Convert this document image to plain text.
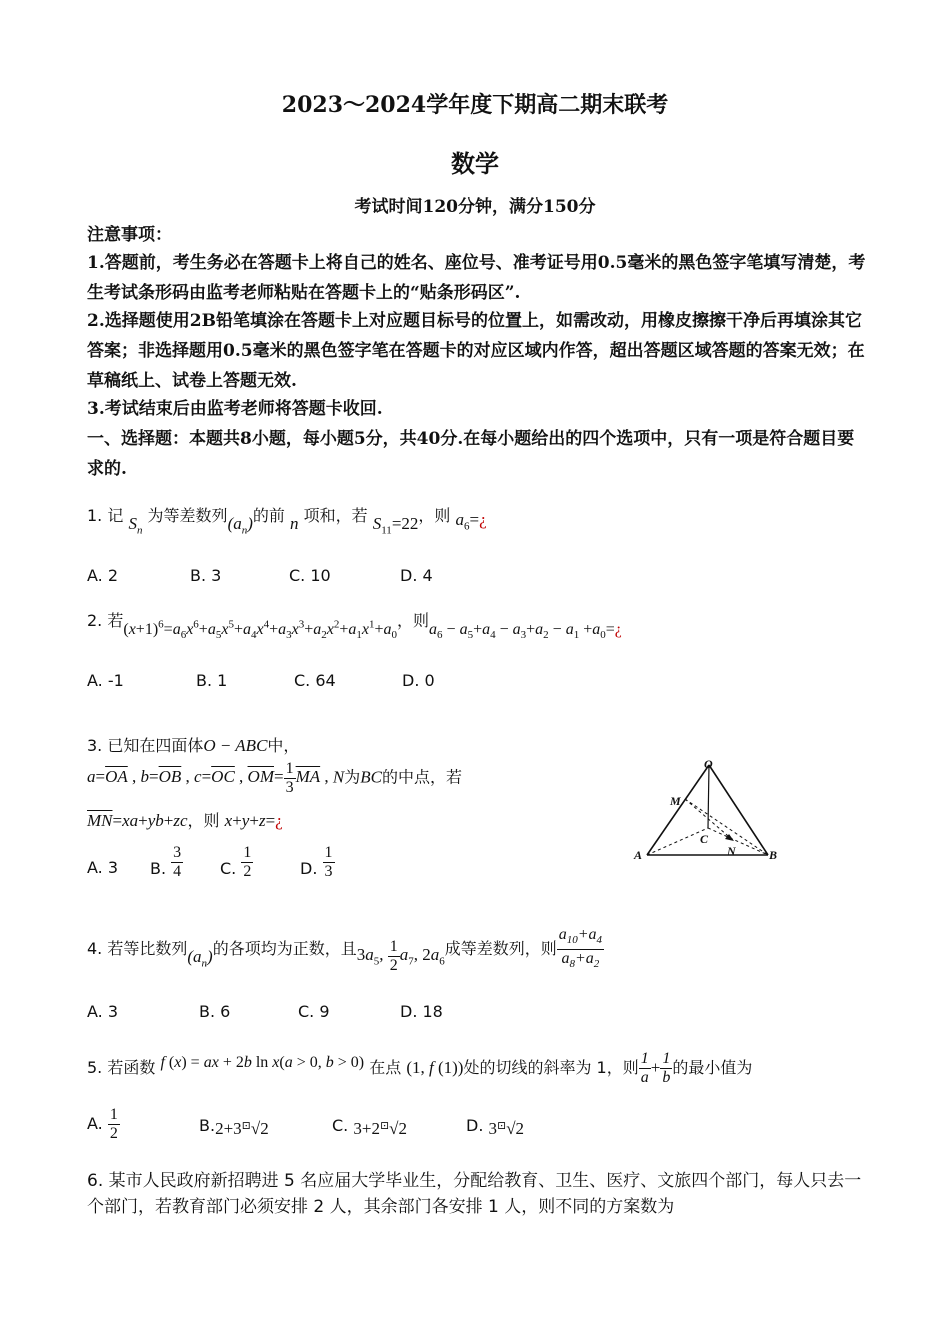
2023～2024学年度下期高二期末联考
数学
考试时间120分钟，满分150分
注意事项：
1.答题前，考生务必在答题卡上将自己的姓名、座位号、准考证号用0.5毫米的黑色签字笔填写清楚，考生考试条形码由监考老师粘贴在答题卡上的“贴条形码区”.
2.选择题使用2B铅笔填涂在答题卡上对应题目标号的位置上，如需改动，用橡皮擦擦干净后再填涂其它答案；非选择题用0.5毫米的黑色签字笔在答题卡的对应区域内作答，超出答题区域答题的答案无效；在草稿纸上、试卷上答题无效.
3.考试结束后由监考老师将答题卡收回.
一、选择题：本题共8小题，每小题5分，共40分.在每小题给出的四个选项中，只有一项是符合题目要求的.
1. 记 $S_n$ 为等差数列$(a_n)$的前 n 项和，若 $S_{11}=22$，则 $a_6=¿$
A. 2	B. 3	C. 10	D. 4
2. 若$(x+1)^6=a_6x^6+a_5x^5+a_4x^4+a_3x^3+a_2x^2+a_1x^1+a_0$，则$a_6 - a_5+a_4 - a_3+a_2 - a_1$ $+a_0=¿$
A. -1	B. 1	C. 64	D. 0
3. 已知在四面体O − ABC中，
$a=\overline{OA}$ , $b=\overline{OB}$ , $c=\overline{OC}$ , $\overline{OM}= \frac{1}{3} \overline{MA}$ , N为BC的中点，若
$\overline{MN}=xa+yb+zc$，则 x+y+z=¿
A. 3 B. $\frac{3}{4} C$. $\frac{1}{2}$	D. $\frac{1}{3}$
O
M
C
N
A	B
4. 若等比数列$(a_n)$的各项均为正数，且$3a_5$, $\frac{1}{2} a_7$, $2a_6$成等差数列，则 $\frac{a_{10}+a_4}{a_8+a_2}$
A. 3	B. 6	C. 9	D. 18
5. 若函数 f (x) = ax + 2b ln x(a > 0, b > 0) 在点 (1, f (1))处的切线的斜率为 1，则 $\frac{1}{a} + \frac{1}{b}$ 的最小值为
A. $\frac{1}{2}$	B.2+3⊡√2	C. 3+2⊡√2	D. 3⊡√2
6. 某市人民政府新招聘进 5 名应届大学毕业生，分配给教育、卫生、医疗、文旅四个部门，每人只去一个部门，若教育部门必须安排 2 人，其余部门各安排 1 人，则不同的方案数为
